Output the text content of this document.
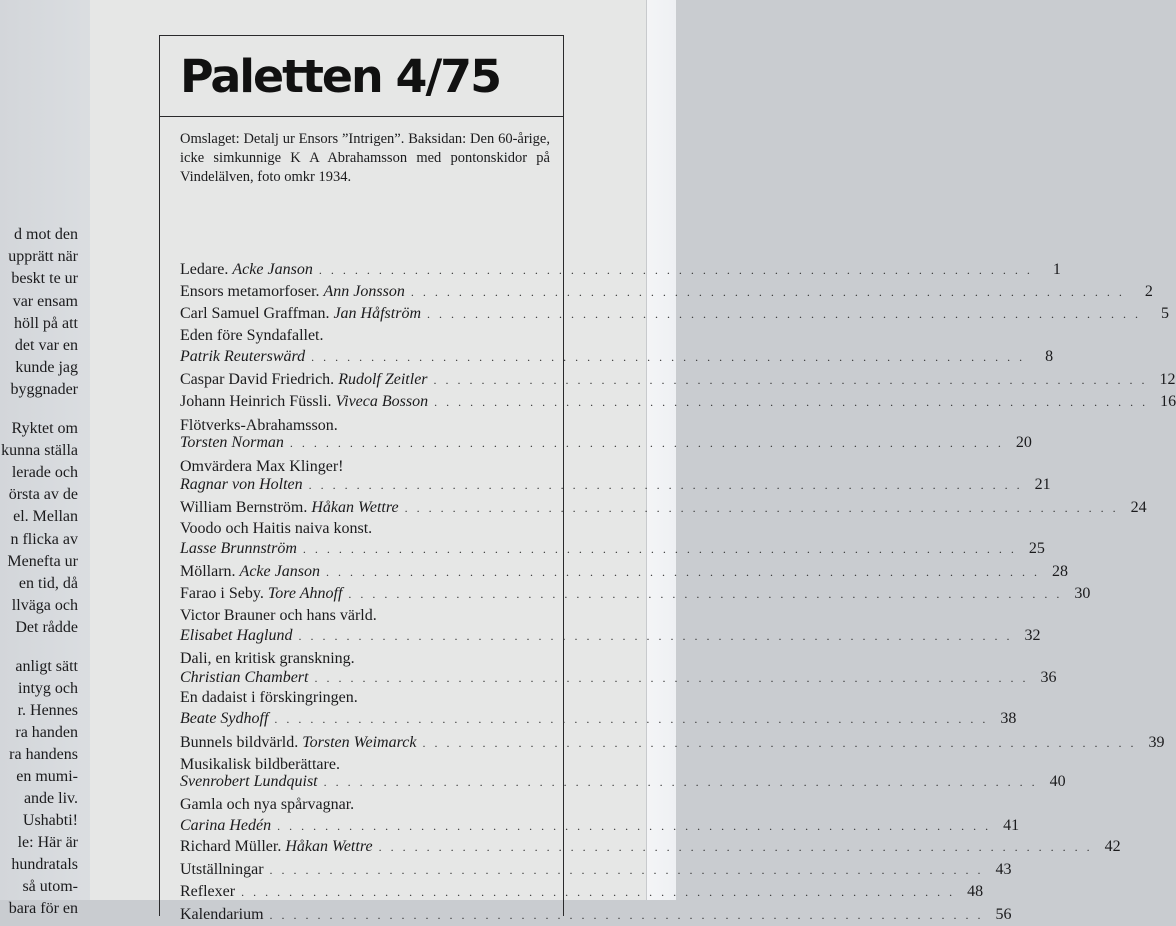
d mot den
upprätt när
beskt te ur
var ensam
höll på att
det var en
kunde jag
byggnader
Ryktet om
kunna ställa
lerade och
örsta av de
el. Mellan
n flicka av
Menefta ur
en tid, då
llväga och
Det rådde
anligt sätt
intyg och
r. Hennes
ra handen
ra handens
en mumi-
ande liv.
Ushabti!
le: Här är
hundratals
så utom-
bara för en
Paletten 4/75
Omslaget: Detalj ur Ensors ”Intrigen”. Baksidan: Den 60-årige, icke simkunnige K A Abrahamsson med pontonskidor på Vindelälven, foto omkr 1934.
Ledare. Acke Janson . . .	1
Ensors metamorfoser. Ann Jonsson . . .	2
Carl Samuel Graffman. Jan Håfström . . .	5
Eden före Syndafallet.
Patrik Reuterswärd . . .	8
Caspar David Friedrich. Rudolf Zeitler . . .	12
Johann Heinrich Füssli. Viveca Bosson . . .	16
Flötverks-Abrahamsson.
Torsten Norman . . .	20
Omvärdera Max Klinger!
Ragnar von Holten . . .	21
William Bernström. Håkan Wettre . . .	24
Voodo och Haitis naiva konst.
Lasse Brunnström . . .	25
Möllarn. Acke Janson . . .	28
Farao i Seby. Tore Ahnoff . . .	30
Victor Brauner och hans värld.
Elisabet Haglund . . .	32
Dali, en kritisk granskning.
Christian Chambert . . .	36
En dadaist i förskingringen.
Beate Sydhoff . . .	38
Bunnels bildvärld. Torsten Weimarck . . .	39
Musikalisk bildberättare.
Svenrobert Lundquist . . .	40
Gamla och nya spårvagnar.
Carina Hedén . . .	41
Richard Müller. Håkan Wettre . . .	42
Utställningar . . .	43
Reflexer . . .	48
Kalendarium . . .	56
